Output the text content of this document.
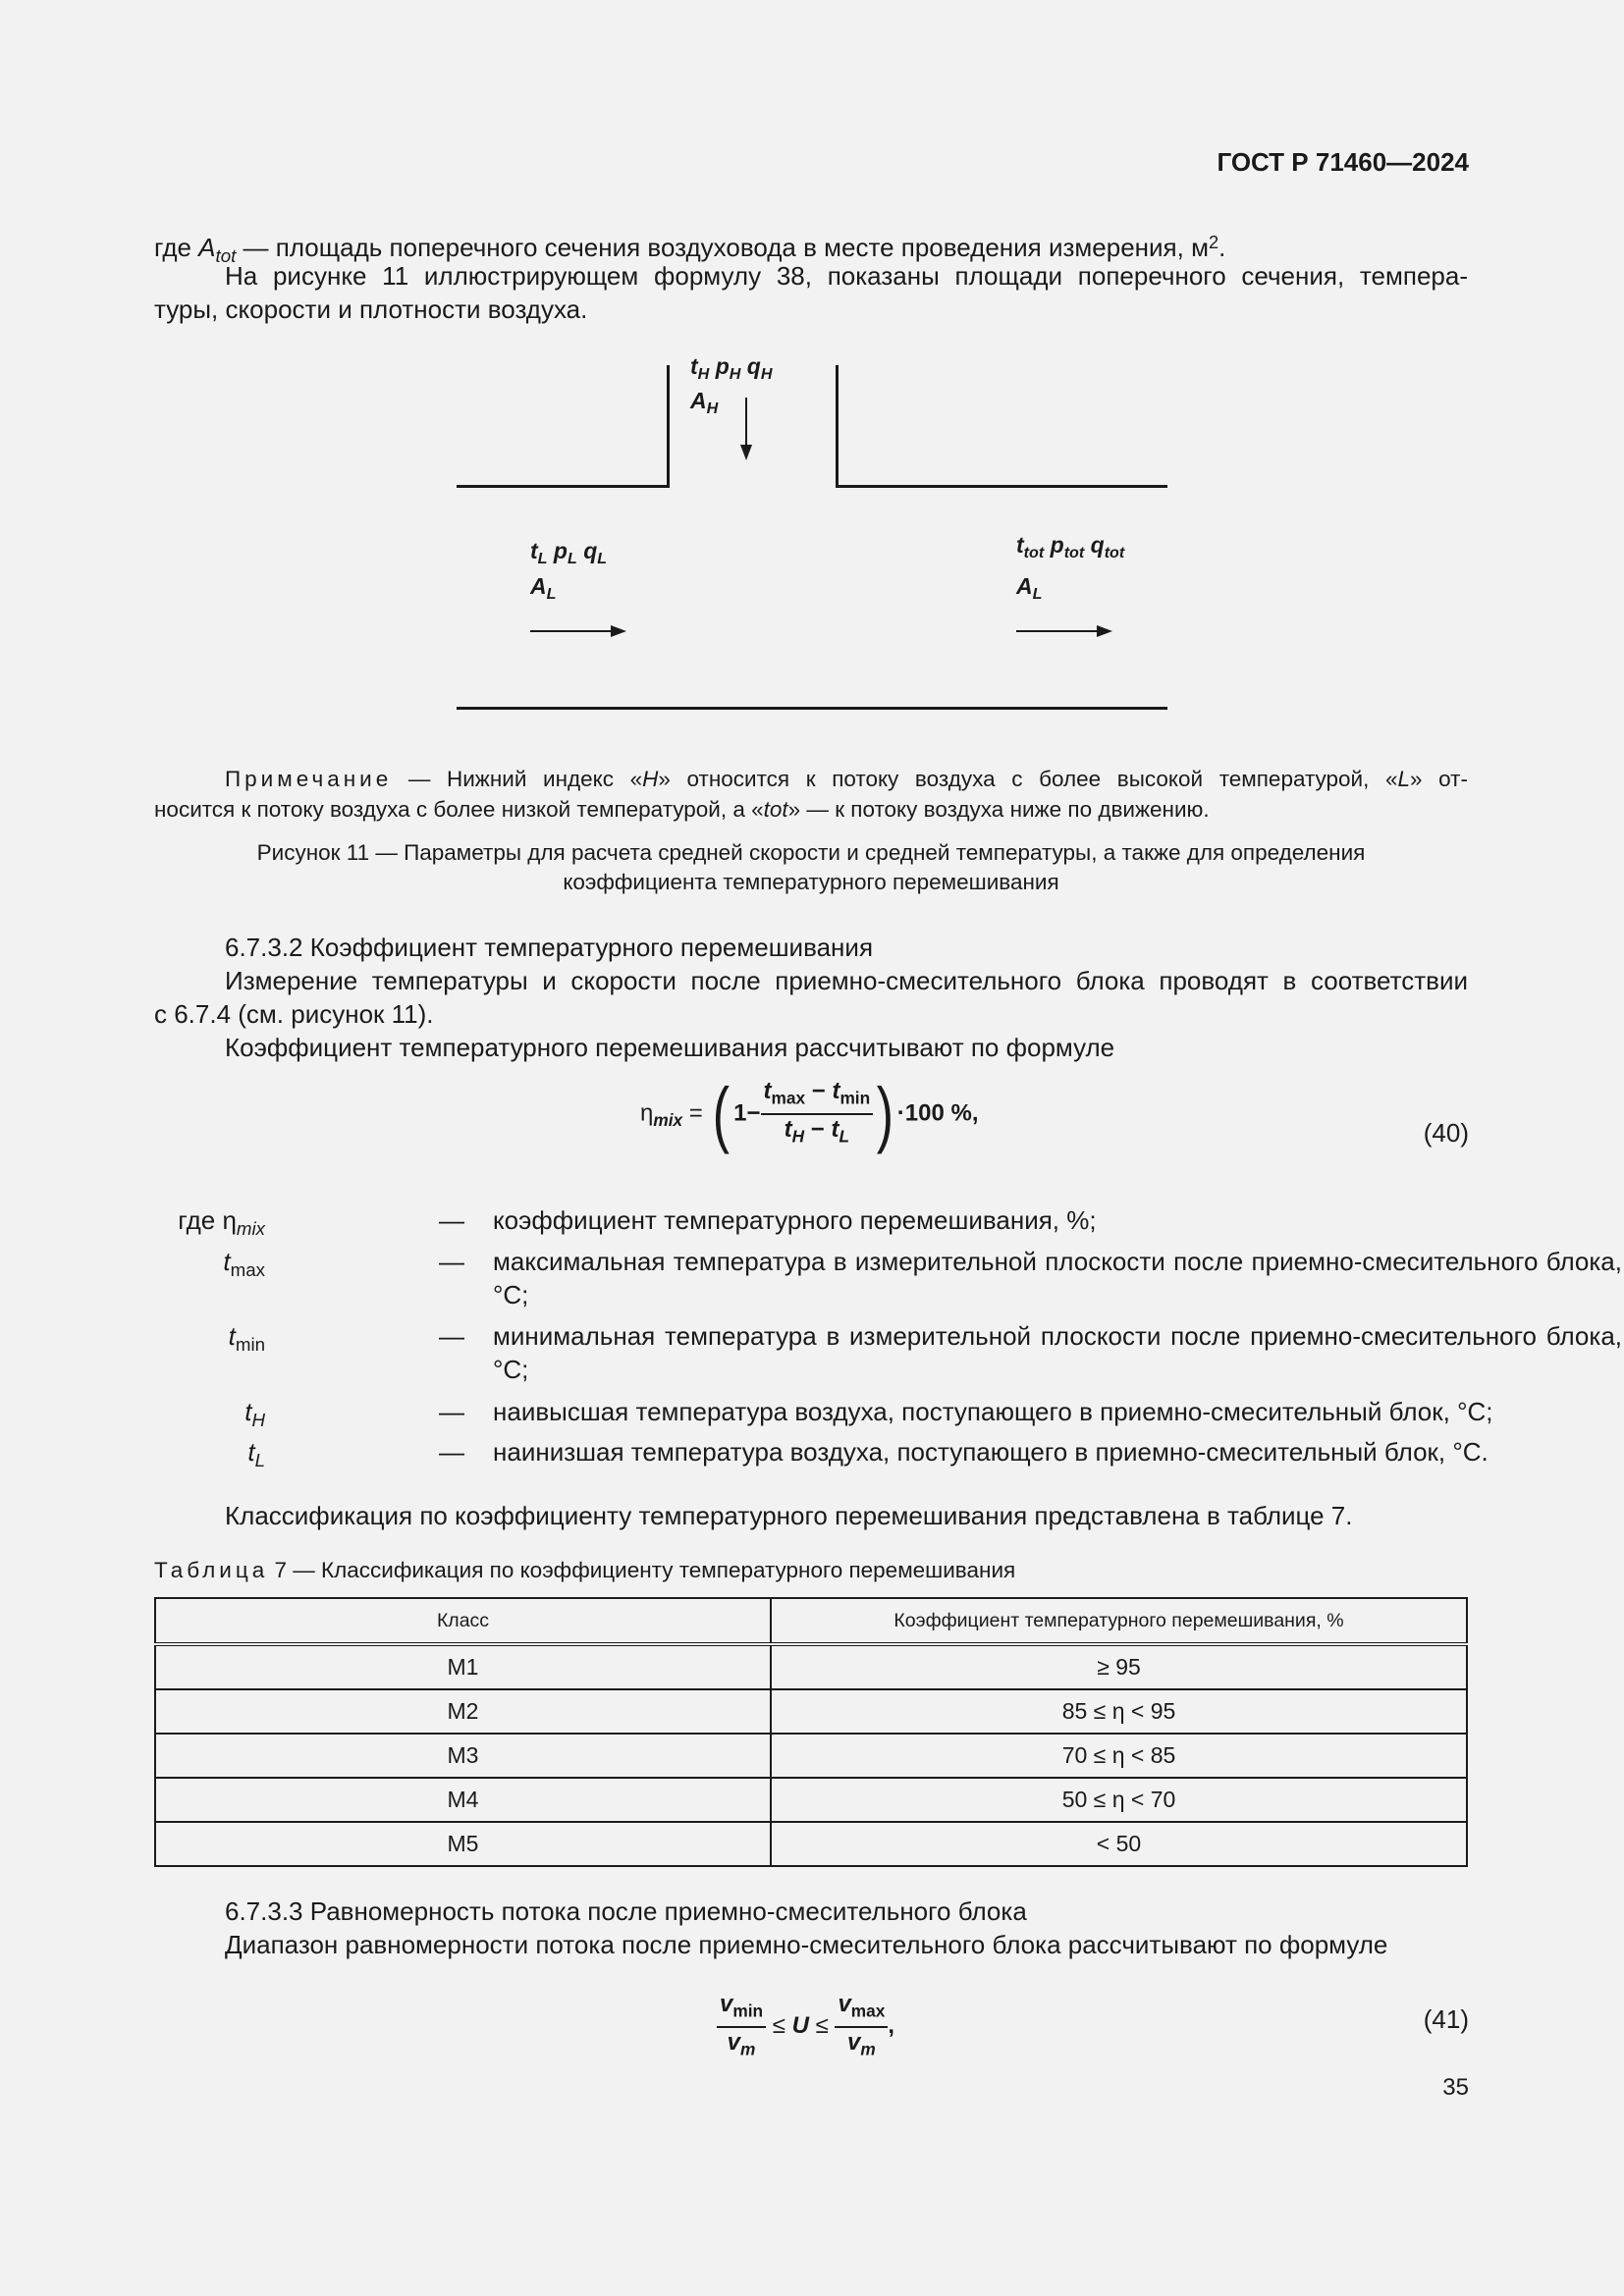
ГОСТ Р 71460—2024
где $A_{tot}$ — площадь поперечного сечения воздуховода в месте проведения измерения, $м^2$.
На рисунке 11 иллюстрирующем формулу 38, показаны площади поперечного сечения, темпера-
туры, скорости и плотности воздуха.
$t_H$ $p_H$ $q_H$
$A_H$
$t_L$ $p_L$ $q_L$
$A_L$
$t_{tot}$ $p_{tot}$ $q_{tot}$
$A_L$
Примечание — Нижний индекс «H» относится к потоку воздуха с более высокой температурой, «L» от-
носится к потоку воздуха с более низкой температурой, а «tot» — к потоку воздуха ниже по движению.
Рисунок 11 — Параметры для расчета средней скорости и средней температуры, а также для определения
коэффициента температурного перемешивания
6.7.3.2 Коэффициент температурного перемешивания
Измерение температуры и скорости после приемно-смесительного блока проводят в соответствии
с 6.7.4 (см. рисунок 11).
Коэффициент температурного перемешивания рассчитывают по формуле
$\eta_{mix}$ = ( $1- \frac{t_{max} - t_{min}}{t_H - t_L}$ ) ·100 %,
(40)
где $\eta_{mix}$	— коэффициент температурного перемешивания, %;
$t_{max}$	— максимальная температура в измерительной плоскости после приемно-смесительного блока, °С;
$t_{min}$	— минимальная температура в измерительной плоскости после приемно-смесительного блока, °С;
$t_H$	— наивысшая температура воздуха, поступающего в приемно-смесительный блок, °С;
$t_L$	— наинизшая температура воздуха, поступающего в приемно-смесительный блок, °С.
Классификация по коэффициенту температурного перемешивания представлена в таблице 7.
Таблица 7 — Классификация по коэффициенту температурного перемешивания
Класс	Коэффициент температурного перемешивания, %
М1	≥ 95
М2	85 ≤ η < 95
М3	70 ≤ η < 85
М4	50 ≤ η < 70
М5	< 50
6.7.3.3 Равномерность потока после приемно-смесительного блока
Диапазон равномерности потока после приемно-смесительного блока рассчитывают по формуле
$\frac{v_{min}}{v_m} \le U \le \frac{v_{max}}{v_m}$ ,	(41)
35
